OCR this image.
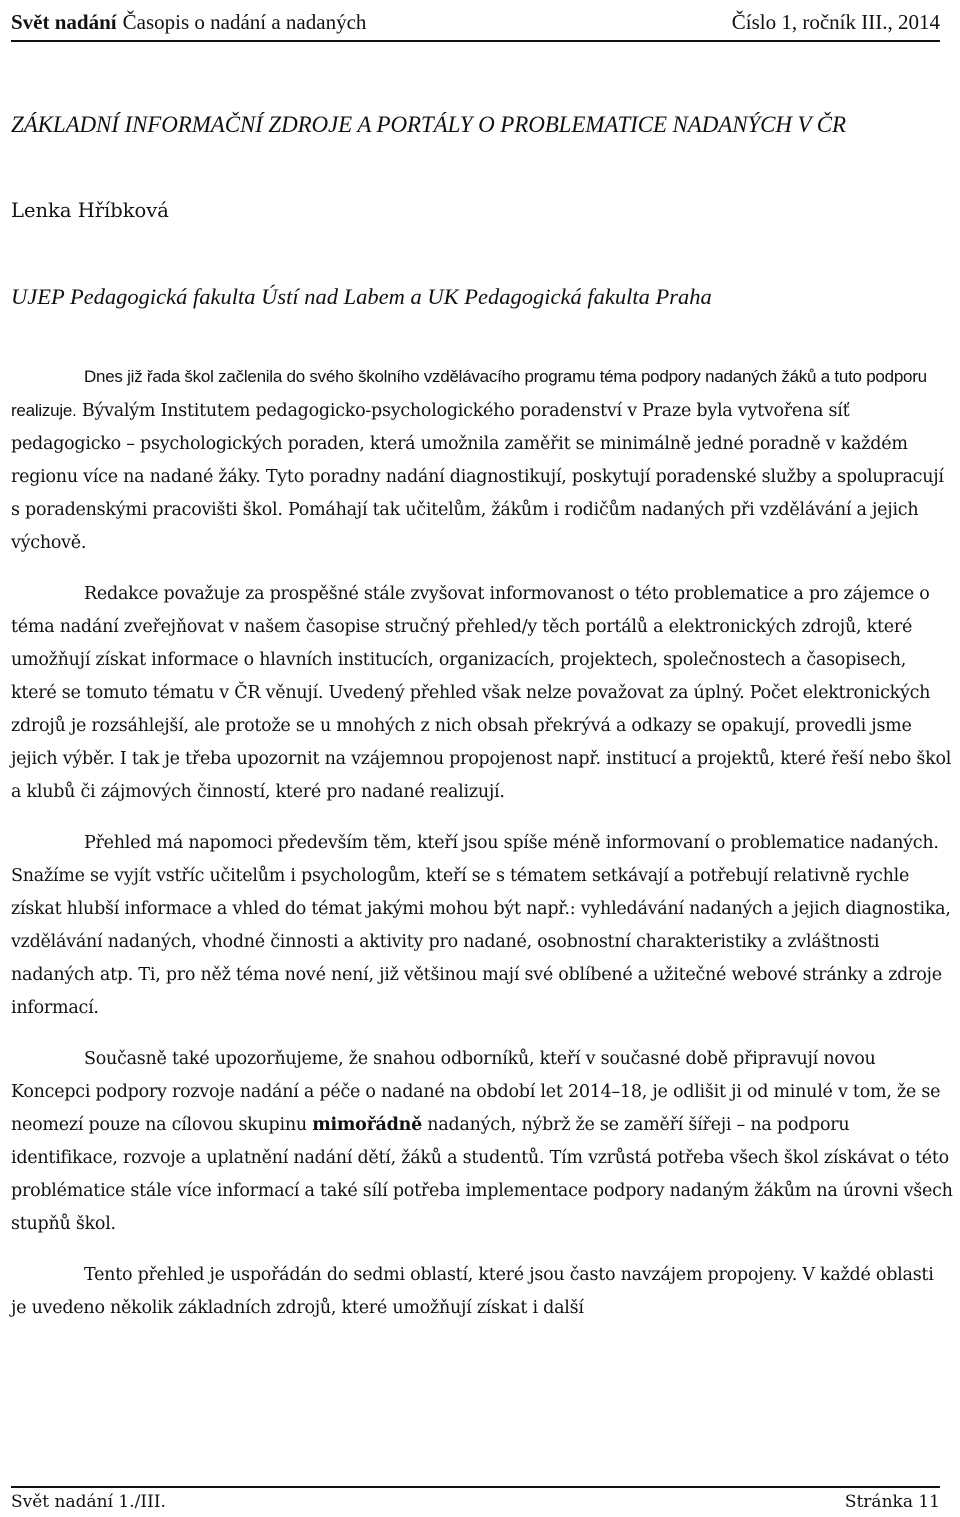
Svět nadání Časopis o nadání a nadaných	Číslo 1, ročník III., 2014
ZÁKLADNÍ INFORMAČNÍ ZDROJE A PORTÁLY O PROBLEMATICE NADANÝCH V ČR
Lenka Hříbková
UJEP Pedagogická fakulta Ústí nad Labem a UK Pedagogická fakulta Praha

Dnes již řada škol začlenila do svého školního vzdělávacího programu téma podpory nadaných žáků a tuto podporu realizuje. Bývalým Institutem pedagogicko-psychologického poradenství v Praze byla vytvořena síť pedagogicko – psychologických poraden, která umožnila zaměřit se minimálně jedné poradně v každém regionu více na nadané žáky. Tyto poradny nadání diagnostikují, poskytují poradenské služby a spolupracují s poradenskými pracovišti škol. Pomáhají tak učitelům, žákům i rodičům nadaných při vzdělávání a jejich výchově.

Redakce považuje za prospěšné stále zvyšovat informovanost o této problematice a pro zájemce o téma nadání zveřejňovat v našem časopise stručný přehled/y těch portálů a elektronických zdrojů, které umožňují získat informace o hlavních institucích, organizacích, projektech, společnostech a časopisech, které se tomuto tématu v ČR věnují. Uvedený přehled však nelze považovat za úplný. Počet elektronických zdrojů je rozsáhlejší, ale protože se u mnohých z nich obsah překrývá a odkazy se opakují, provedli jsme jejich výběr. I tak je třeba upozornit na vzájemnou propojenost např. institucí a projektů, které řeší nebo škol a klubů či zájmových činností, které pro nadané realizují.

Přehled má napomoci především těm, kteří jsou spíše méně informovaní o problematice nadaných. Snažíme se vyjít vstříc učitelům i psychologům, kteří se s tématem setkávají a potřebují relativně rychle získat hlubší informace a vhled do témat jakými mohou být např.: vyhledávání nadaných a jejich diagnostika, vzdělávání nadaných, vhodné činnosti a aktivity pro nadané, osobnostní charakteristiky a zvláštnosti nadaných atp. Ti, pro něž téma nové není, již většinou mají své oblíbené a užitečné webové stránky a zdroje informací.

Současně také upozorňujeme, že snahou odborníků, kteří v současné době připravují novou Koncepci podpory rozvoje nadání a péče o nadané na období let 2014–18, je odlišit ji od minulé v tom, že se neomezí pouze na cílovou skupinu mimořádně nadaných, nýbrž že se zaměří šířeji – na podporu identifikace, rozvoje a uplatnění nadání dětí, žáků a studentů. Tím vzrůstá potřeba všech škol získávat o této problématice stále více informací a také sílí potřeba implementace podpory nadaným žákům na úrovni všech stupňů škol.

Tento přehled je uspořádán do sedmi oblastí, které jsou často navzájem propojeny. V každé oblasti je uvedeno několik základních zdrojů, které umožňují získat i další

Svět nadání 1./III.	Stránka 11
